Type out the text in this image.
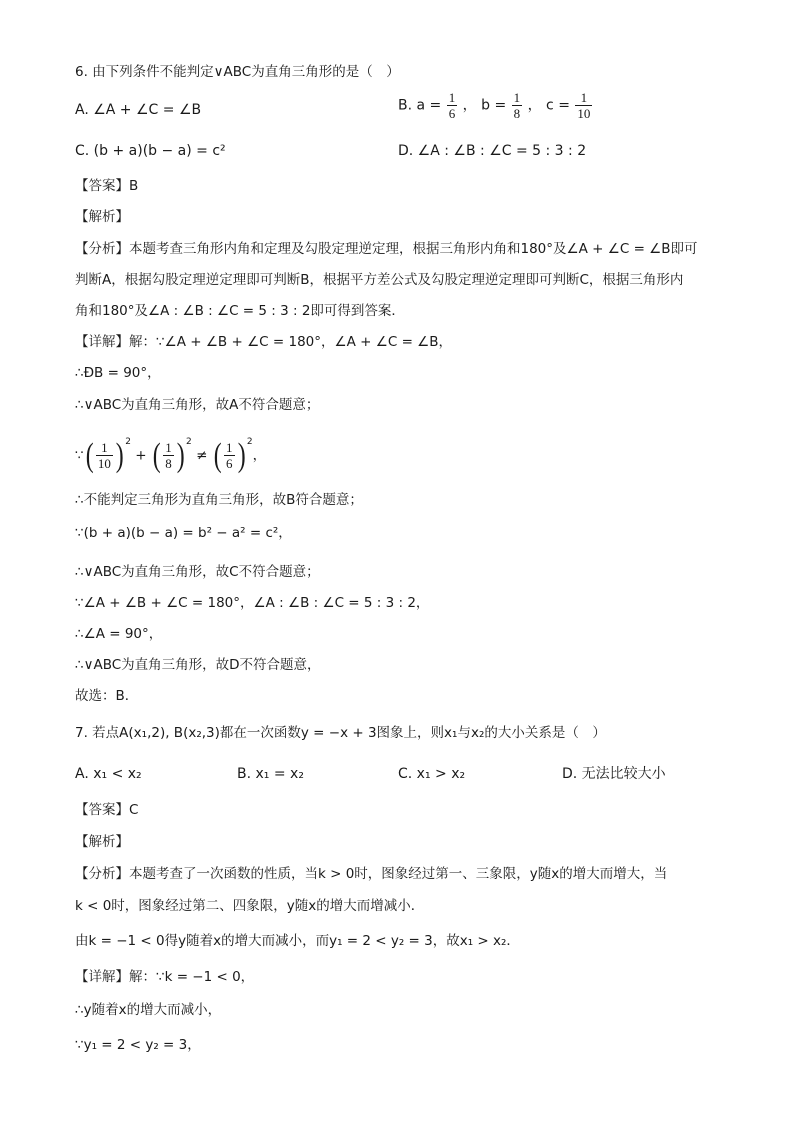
6. 由下列条件不能判定∨ABC为直角三角形的是（　）
A. ∠A + ∠C = ∠B	B. $a = \frac{1}{6}$ ， $b = \frac{1}{8}$ ， $c = \frac{1}{10}$
C. (b + a)(b − a) = c²	D. ∠A : ∠B : ∠C = 5 : 3 : 2
【答案】B
【解析】
【分析】本题考查三角形内角和定理及勾股定理逆定理，根据三角形内角和180°及∠A + ∠C = ∠B即可
判断A，根据勾股定理逆定理即可判断B，根据平方差公式及勾股定理逆定理即可判断C，根据三角形内
角和180°及∠A : ∠B : ∠C = 5 : 3 : 2即可得到答案．
【详解】解：∵∠A + ∠B + ∠C = 180°，∠A + ∠C = ∠B，
∴ÐB = 90°，
∴∨ABC为直角三角形，故A不符合题意；
∵( $\frac{1}{10}$ ) $^2$ + ( $\frac{1}{8}$ ) $^2$ ≠ ( $\frac{1}{6}$ ) $^2$，
∴不能判定三角形为直角三角形，故B符合题意；
∵(b + a)(b − a) = b² − a² = c²，
∴∨ABC为直角三角形，故C不符合题意；
∵∠A + ∠B + ∠C = 180°，∠A : ∠B : ∠C = 5 : 3 : 2，
∴∠A = 90°，
∴∨ABC为直角三角形，故D不符合题意，
故选：B．
7. 若点A(x₁,2), B(x₂,3)都在一次函数y = −x + 3图象上，则x₁与x₂的大小关系是（　）
A. x₁ < x₂	B. x₁ = x₂	C. x₁ > x₂	D. 无法比较大小
【答案】C
【解析】
【分析】本题考查了一次函数的性质，当k > 0时，图象经过第一、三象限，y随x的增大而增大，当
k < 0时，图象经过第二、四象限，y随x的增大而增减小．
由k = −1 < 0得y随着x的增大而减小，而y₁ = 2 < y₂ = 3，故x₁ > x₂．
【详解】解：∵k = −1 < 0，
∴y随着x的增大而减小，
∵y₁ = 2 < y₂ = 3，
